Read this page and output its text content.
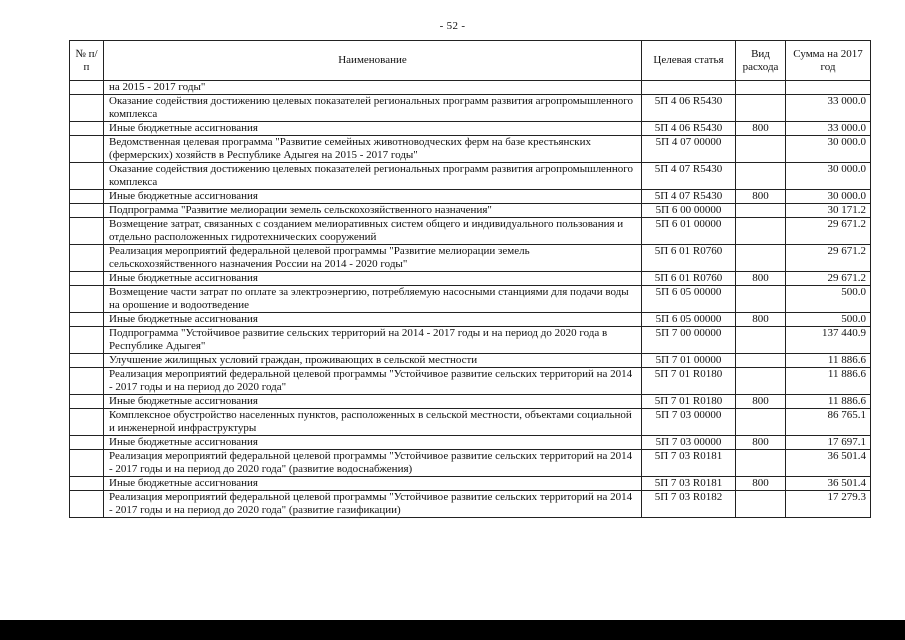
- 52 -
№ п/п	Наименование	Целевая статья	Вид расхода	Сумма на 2017 год
	на 2015 - 2017 годы"			
	Оказание содействия достижению целевых показателей региональных программ развития агропромышленного комплекса	5П 4 06 R5430		33 000.0
	Иные бюджетные ассигнования	5П 4 06 R5430	800	33 000.0
	Ведомственная целевая программа "Развитие семейных животноводческих ферм на базе крестьянских (фермерских) хозяйств в Республике Адыгея на 2015 - 2017 годы"	5П 4 07 00000		30 000.0
	Оказание содействия достижению целевых показателей региональных программ развития агропромышленного комплекса	5П 4 07 R5430		30 000.0
	Иные бюджетные ассигнования	5П 4 07 R5430	800	30 000.0
	Подпрограмма "Развитие мелиорации земель сельскохозяйственного назначения"	5П 6 00 00000		30 171.2
	Возмещение затрат, связанных с созданием мелиоративных систем общего и индивидуального пользования и отдельно расположенных гидротехнических сооружений	5П 6 01 00000		29 671.2
	Реализация мероприятий федеральной целевой программы "Развитие мелиорации земель сельскохозяйственного назначения России на 2014 - 2020 годы"	5П 6 01 R0760		29 671.2
	Иные бюджетные ассигнования	5П 6 01 R0760	800	29 671.2
	Возмещение части затрат по оплате за электроэнергию, потребляемую насосными станциями для подачи воды на орошение и водоотведение	5П 6 05 00000		500.0
	Иные бюджетные ассигнования	5П 6 05 00000	800	500.0
	Подпрограмма "Устойчивое развитие сельских территорий на 2014 - 2017 годы и на период до 2020 года в Республике Адыгея"	5П 7 00 00000		137 440.9
	Улучшение жилищных условий граждан, проживающих в сельской местности	5П 7 01 00000		11 886.6
	Реализация мероприятий федеральной целевой программы "Устойчивое развитие сельских территорий на 2014 - 2017 годы и на период до 2020 года"	5П 7 01 R0180		11 886.6
	Иные бюджетные ассигнования	5П 7 01 R0180	800	11 886.6
	Комплексное обустройство населенных пунктов, расположенных в сельской местности, объектами социальной и инженерной инфраструктуры	5П 7 03 00000		86 765.1
	Иные бюджетные ассигнования	5П 7 03 00000	800	17 697.1
	Реализация мероприятий федеральной целевой программы "Устойчивое развитие сельских территорий на 2014 - 2017 годы и на период до 2020 года" (развитие водоснабжения)	5П 7 03 R0181		36 501.4
	Иные бюджетные ассигнования	5П 7 03 R0181	800	36 501.4
	Реализация мероприятий федеральной целевой программы "Устойчивое развитие сельских территорий на 2014 - 2017 годы и на период до 2020 года" (развитие газификации)	5П 7 03 R0182		17 279.3
